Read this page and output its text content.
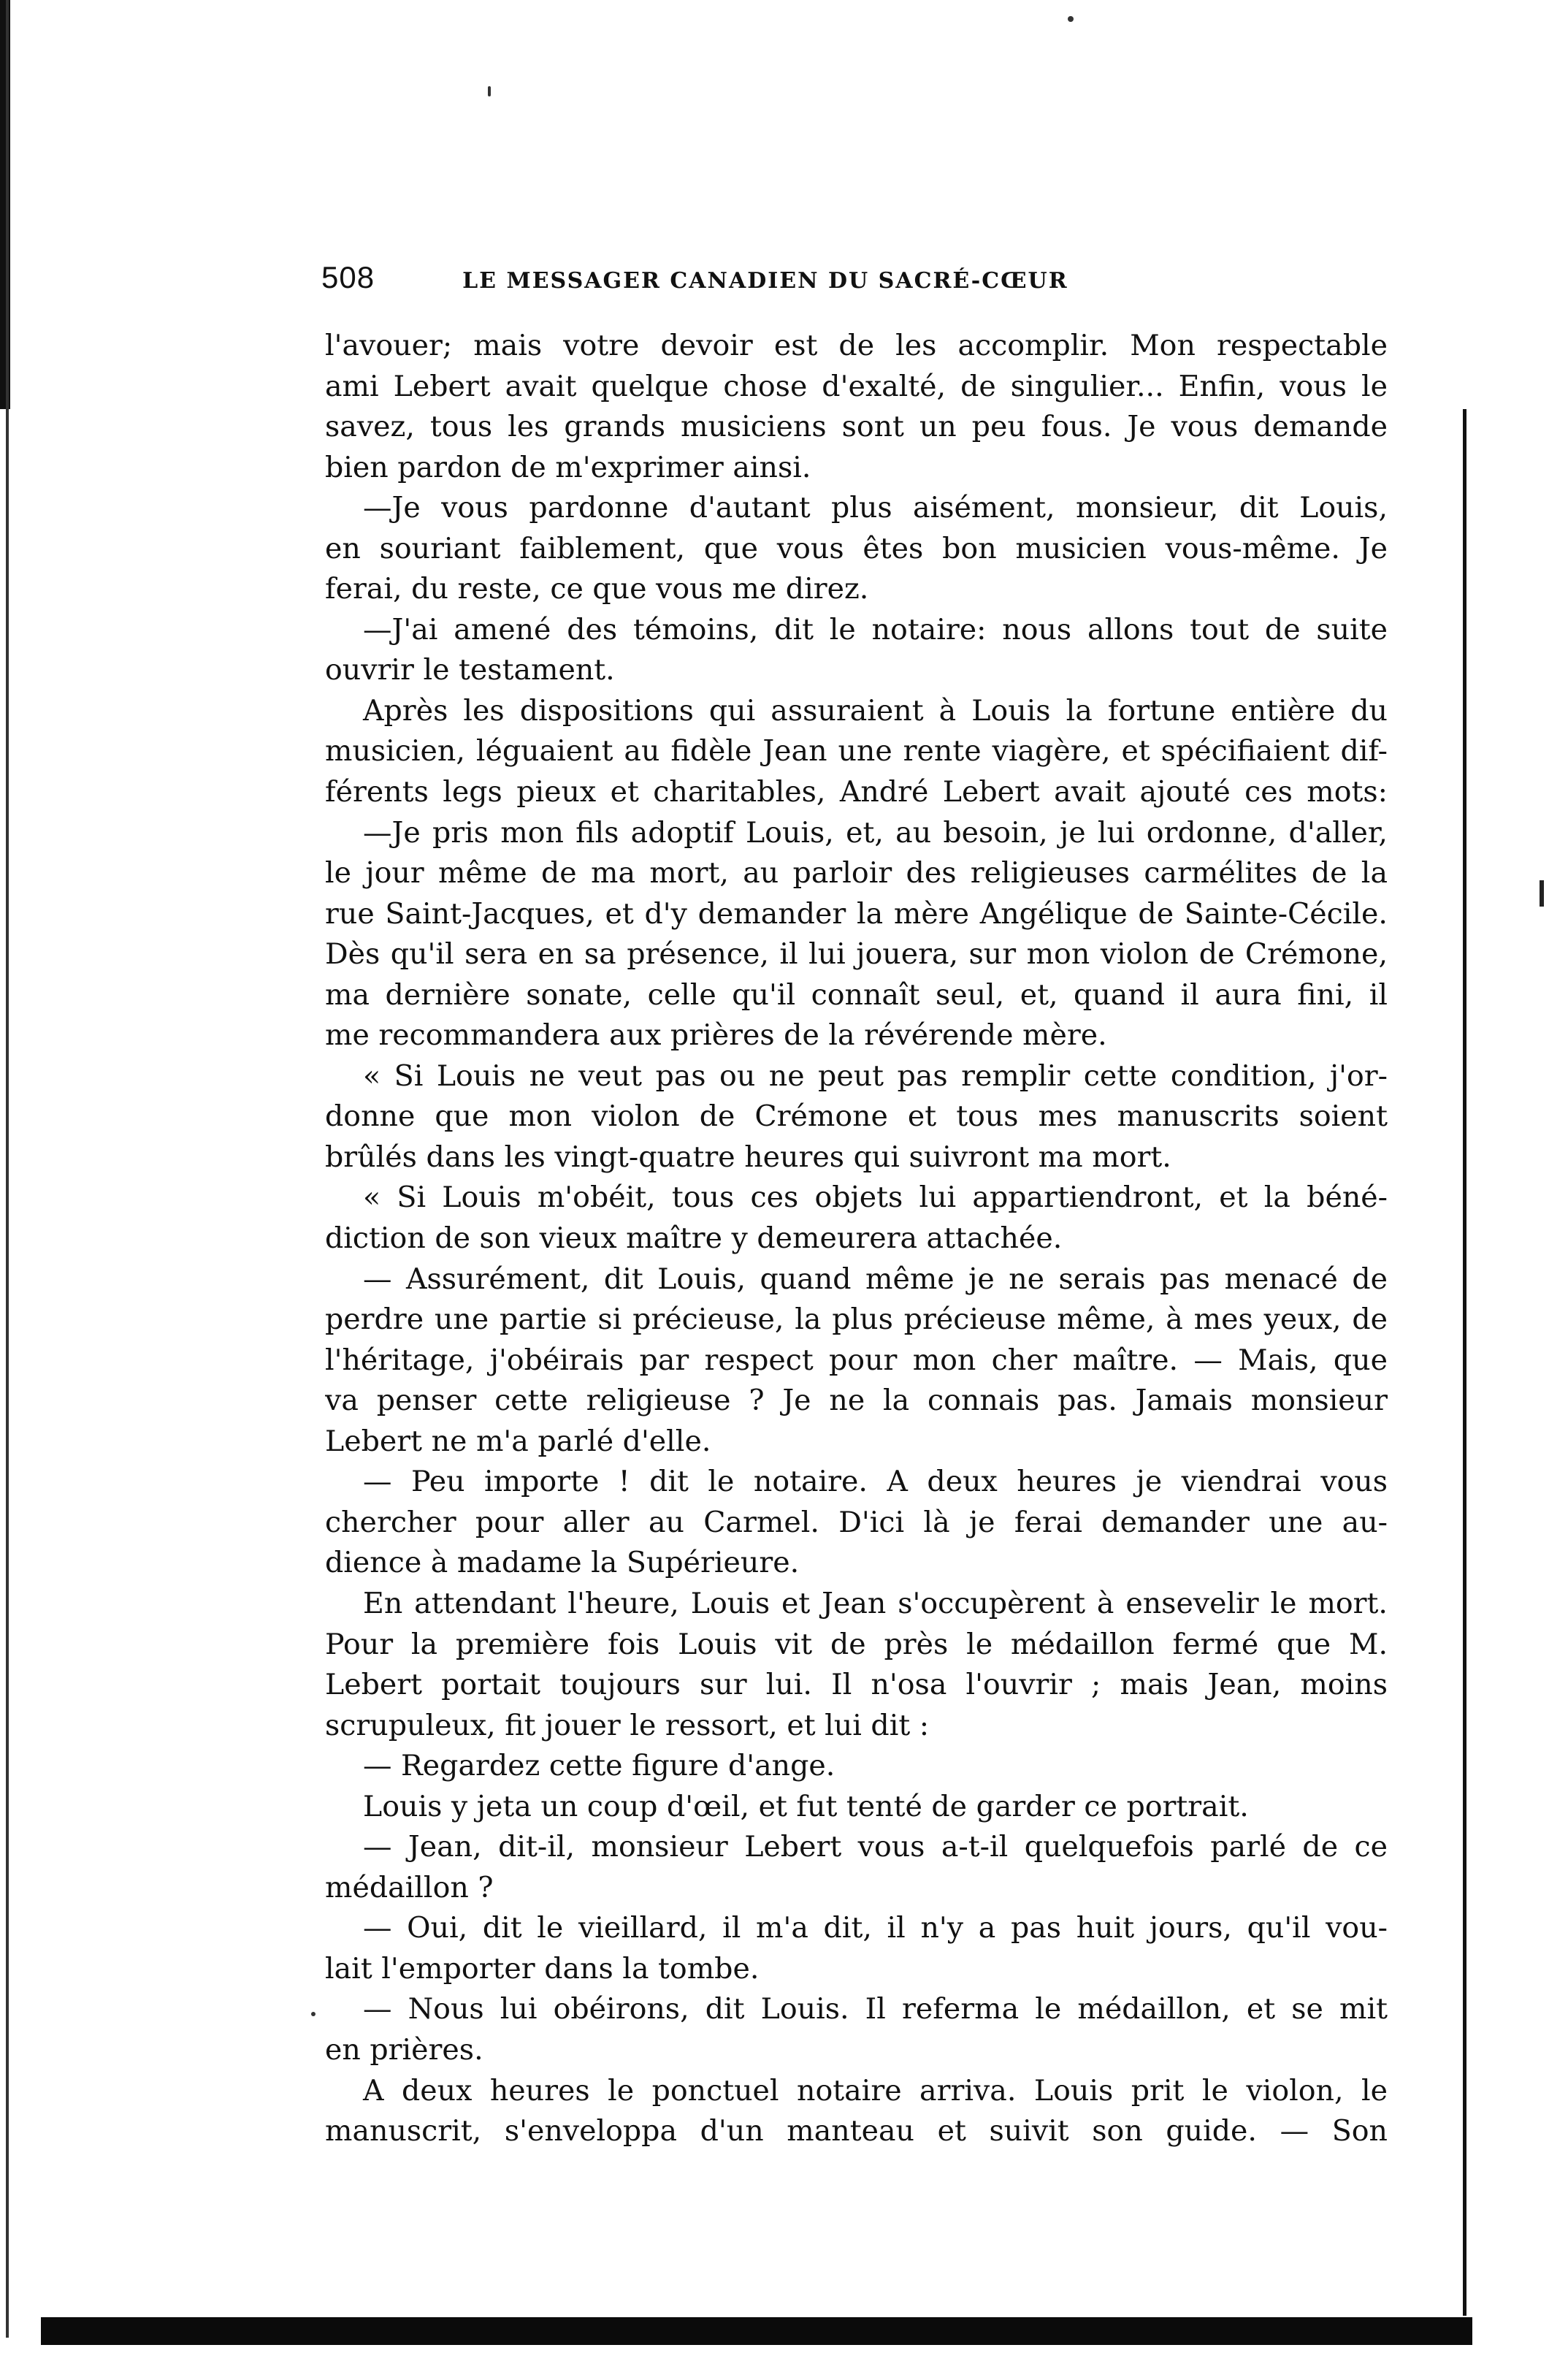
508	LE MESSAGER CANADIEN DU SACRÉ-CŒUR
l'avouer; mais votre devoir est de les accomplir. Mon respectable
ami Lebert avait quelque chose d'exalté, de singulier... Enfin, vous le
savez, tous les grands musiciens sont un peu fous. Je vous demande
bien pardon de m'exprimer ainsi.
—Je vous pardonne d'autant plus aisément, monsieur, dit Louis,
en souriant faiblement, que vous êtes bon musicien vous-même. Je
ferai, du reste, ce que vous me direz.
—J'ai amené des témoins, dit le notaire: nous allons tout de suite
ouvrir le testament.
Après les dispositions qui assuraient à Louis la fortune entière du
musicien, léguaient au fidèle Jean une rente viagère, et spécifiaient dif-
férents legs pieux et charitables, André Lebert avait ajouté ces mots:
—Je pris mon fils adoptif Louis, et, au besoin, je lui ordonne, d'aller,
le jour même de ma mort, au parloir des religieuses carmélites de la
rue Saint-Jacques, et d'y demander la mère Angélique de Sainte-Cécile.
Dès qu'il sera en sa présence, il lui jouera, sur mon violon de Crémone,
ma dernière sonate, celle qu'il connaît seul, et, quand il aura fini, il
me recommandera aux prières de la révérende mère.
« Si Louis ne veut pas ou ne peut pas remplir cette condition, j'or-
donne que mon violon de Crémone et tous mes manuscrits soient
brûlés dans les vingt-quatre heures qui suivront ma mort.
« Si Louis m'obéit, tous ces objets lui appartiendront, et la béné-
diction de son vieux maître y demeurera attachée.
— Assurément, dit Louis, quand même je ne serais pas menacé de
perdre une partie si précieuse, la plus précieuse même, à mes yeux, de
l'héritage, j'obéirais par respect pour mon cher maître. — Mais, que
va penser cette religieuse ? Je ne la connais pas. Jamais monsieur
Lebert ne m'a parlé d'elle.
— Peu importe ! dit le notaire. A deux heures je viendrai vous
chercher pour aller au Carmel. D'ici là je ferai demander une au-
dience à madame la Supérieure.
En attendant l'heure, Louis et Jean s'occupèrent à ensevelir le mort.
Pour la première fois Louis vit de près le médaillon fermé que M.
Lebert portait toujours sur lui. Il n'osa l'ouvrir ; mais Jean, moins
scrupuleux, fit jouer le ressort, et lui dit :
— Regardez cette figure d'ange.
Louis y jeta un coup d'œil, et fut tenté de garder ce portrait.
— Jean, dit-il, monsieur Lebert vous a-t-il quelquefois parlé de ce
médaillon ?
— Oui, dit le vieillard, il m'a dit, il n'y a pas huit jours, qu'il vou-
lait l'emporter dans la tombe.
— Nous lui obéirons, dit Louis. Il referma le médaillon, et se mit
en prières.
A deux heures le ponctuel notaire arriva. Louis prit le violon, le
manuscrit, s'enveloppa d'un manteau et suivit son guide. — Son
